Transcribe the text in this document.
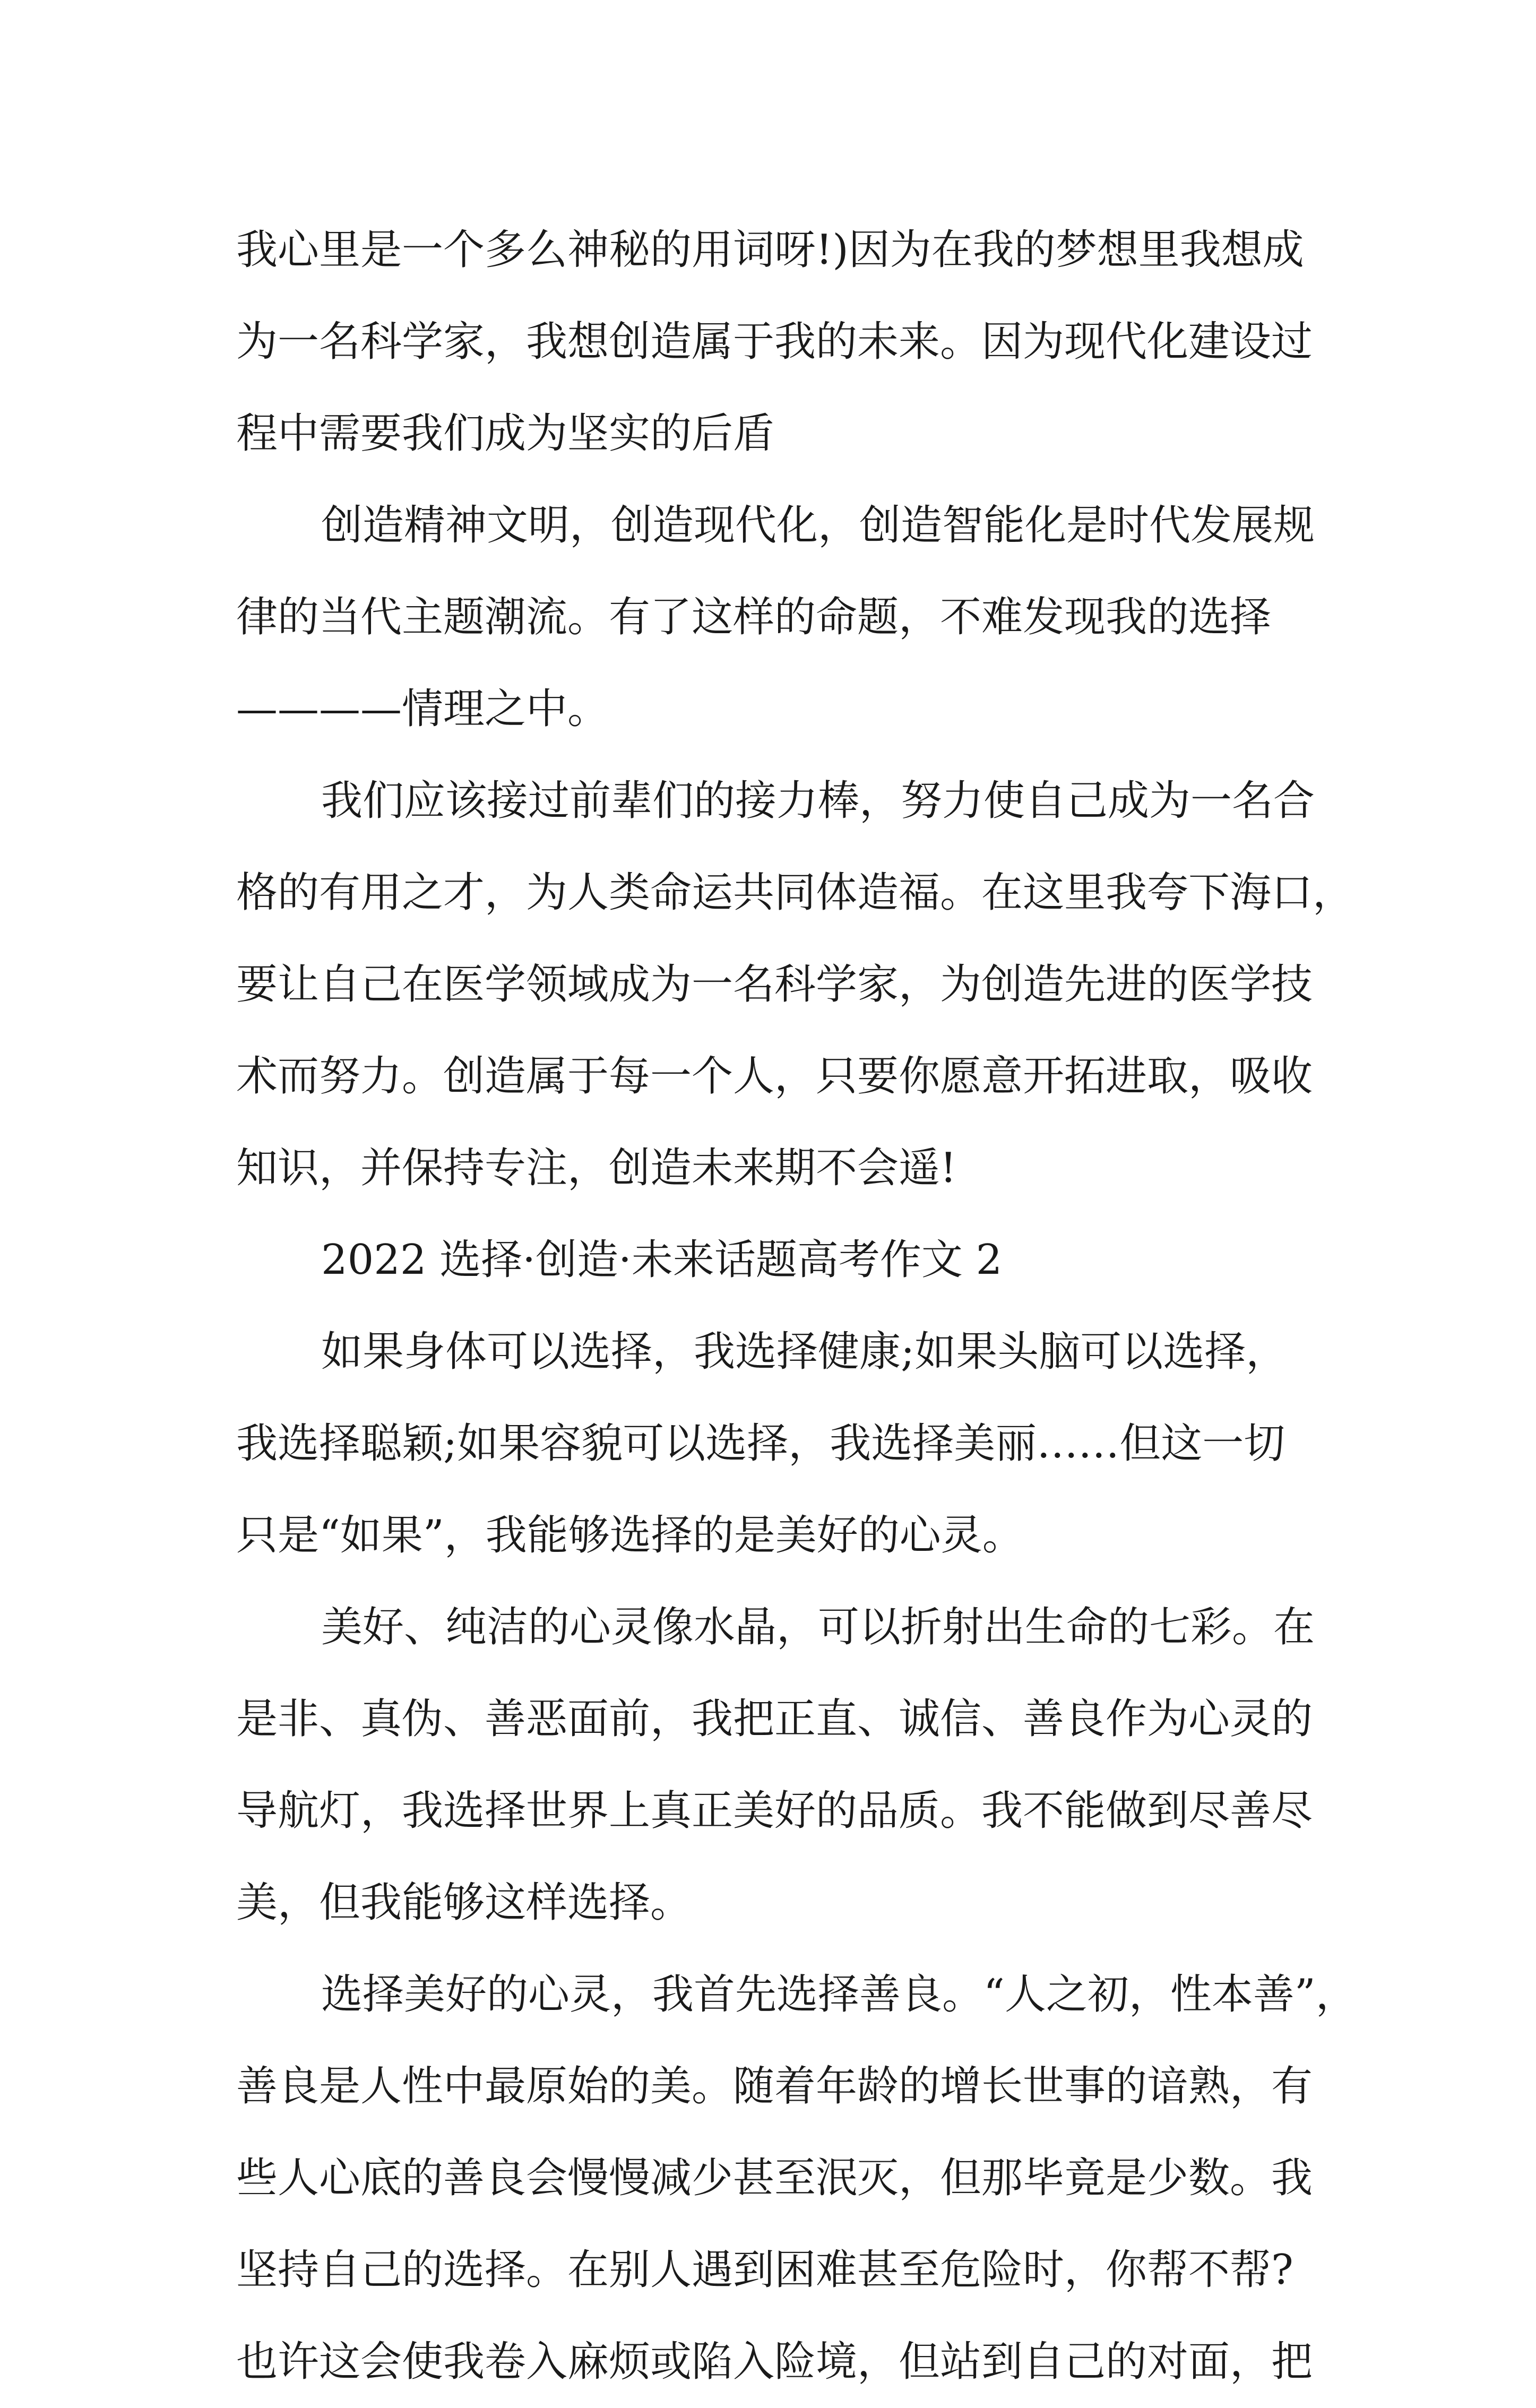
我心里是一个多么神秘的用词呀!)因为在我的梦想里我想成
为一名科学家，我想创造属于我的未来。因为现代化建设过
程中需要我们成为坚实的后盾
创造精神文明，创造现代化，创造智能化是时代发展规
律的当代主题潮流。有了这样的命题，不难发现我的选择
————情理之中。
我们应该接过前辈们的接力棒，努力使自己成为一名合
格的有用之才，为人类命运共同体造福。在这里我夸下海口，
要让自己在医学领域成为一名科学家，为创造先进的医学技
术而努力。创造属于每一个人，只要你愿意开拓进取，吸收
知识，并保持专注，创造未来期不会遥!
2022 选择·创造·未来话题高考作文 2
如果身体可以选择，我选择健康;如果头脑可以选择，
我选择聪颖;如果容貌可以选择，我选择美丽……但这一切
只是“如果”，我能够选择的是美好的心灵。
美好、纯洁的心灵像水晶，可以折射出生命的七彩。在
是非、真伪、善恶面前，我把正直、诚信、善良作为心灵的
导航灯，我选择世界上真正美好的品质。我不能做到尽善尽
美，但我能够这样选择。
选择美好的心灵，我首先选择善良。“人之初，性本善”，
善良是人性中最原始的美。随着年龄的增长世事的谙熟，有
些人心底的善良会慢慢减少甚至泯灭，但那毕竟是少数。我
坚持自己的选择。在别人遇到困难甚至危险时，你帮不帮?
也许这会使我卷入麻烦或陷入险境，但站到自己的对面，把
